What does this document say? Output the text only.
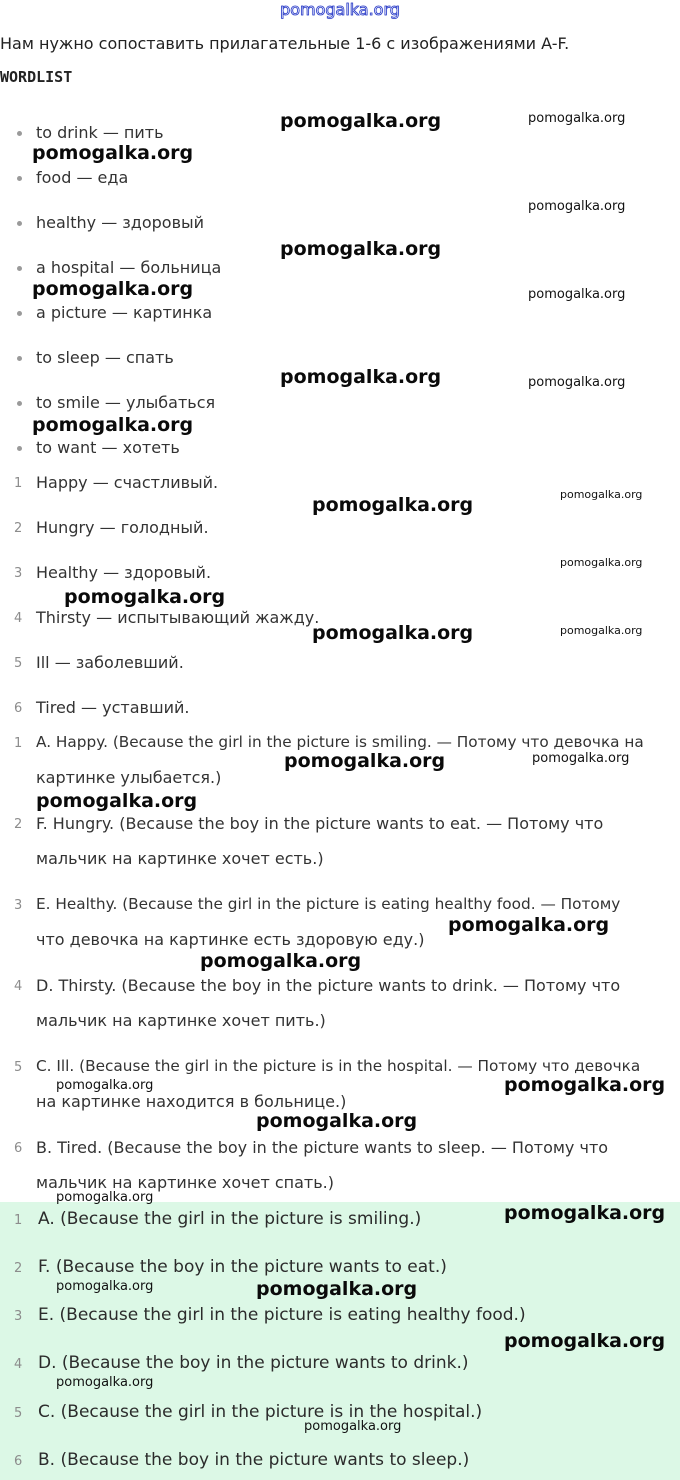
pomogalka.org
Нам нужно сопоставить прилагательные 1-6 с изображениями A-F.
WORDLIST
to drink — пить
food — еда
healthy — здоровый
a hospital — больница
a picture — картинка
to sleep — спать
to smile — улыбаться
to want — хотеть
1 Happy — счастливый.
2 Hungry — голодный.
3 Healthy — здоровый.
4 Thirsty — испытывающий жажду.
5 Ill — заболевший.
6 Tired — уставший.
1 A. Happy. (Because the girl in the picture is smiling. — Потому что девочка на
картинке улыбается.)
2 F. Hungry. (Because the boy in the picture wants to eat. — Потому что
мальчик на картинке хочет есть.)
3 E. Healthy. (Because the girl in the picture is eating healthy food. — Потому
что девочка на картинке есть здоровую еду.)
4 D. Thirsty. (Because the boy in the picture wants to drink. — Потому что
мальчик на картинке хочет пить.)
5 C. Ill. (Because the girl in the picture is in the hospital. — Потому что девочка
на картинке находится в больнице.)
6 B. Tired. (Because the boy in the picture wants to sleep. — Потому что
мальчик на картинке хочет спать.)
1 A. (Because the girl in the picture is smiling.)
2 F. (Because the boy in the picture wants to eat.)
3 E. (Because the girl in the picture is eating healthy food.)
4 D. (Because the boy in the picture wants to drink.)
5 C. (Because the girl in the picture is in the hospital.)
6 B. (Because the boy in the picture wants to sleep.)
pomogalka.org	pomogalka.org
pomogalka.org
pomogalka.org
pomogalka.org
pomogalka.org	pomogalka.org
pomogalka.org	pomogalka.org
pomogalka.org
pomogalka.org
pomogalka.org
pomogalka.org
pomogalka.org
pomogalka.org	pomogalka.org
pomogalka.org	pomogalka.org
pomogalka.org
pomogalka.org
pomogalka.org
pomogalka.org	pomogalka.org
pomogalka.org
pomogalka.org
pomogalka.org
pomogalka.org	pomogalka.org
pomogalka.org
pomogalka.org
pomogalka.org
